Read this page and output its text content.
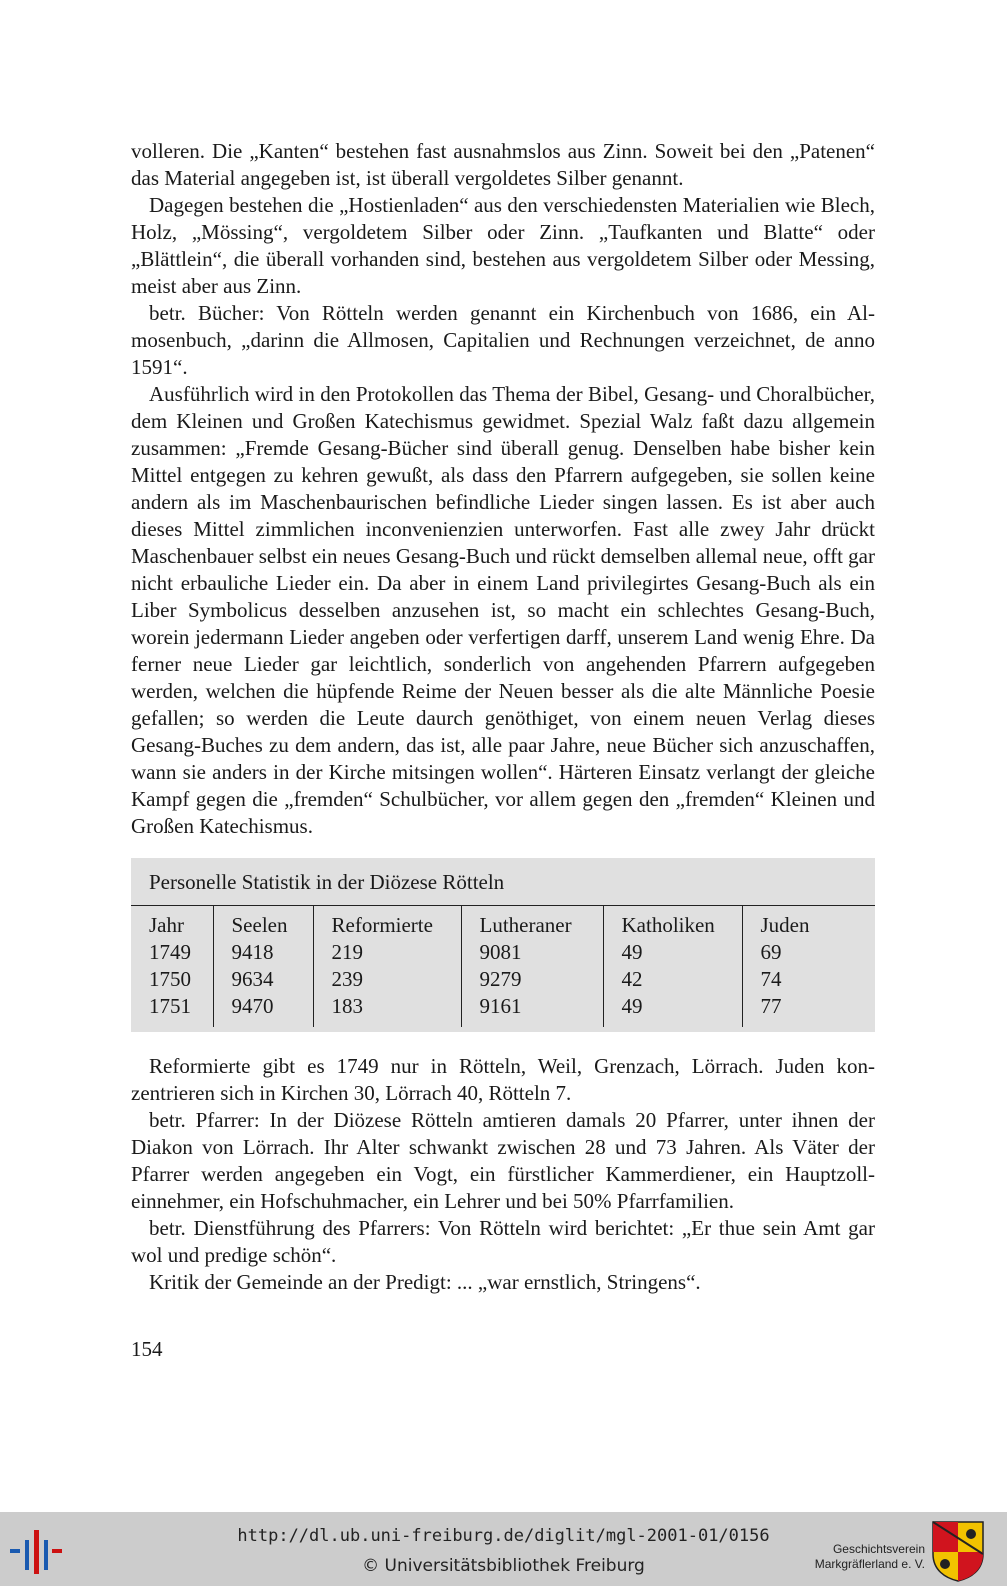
volleren. Die „Kanten“ bestehen fast ausnahmslos aus Zinn. Soweit bei den „Patenen“ das Material angegeben ist, ist überall vergoldetes Silber genannt.

Dagegen bestehen die „Hostienladen“ aus den verschiedensten Materialien wie Blech, Holz, „Mössing“, vergoldetem Silber oder Zinn. „Taufkanten und Blatte“ oder „Blättlein“, die überall vorhanden sind, bestehen aus vergoldetem Silber oder Messing, meist aber aus Zinn.

betr. Bücher: Von Rötteln werden genannt ein Kirchenbuch von 1686, ein Almosenbuch, „darinn die Allmosen, Capitalien und Rechnungen verzeichnet, de anno 1591“.

Ausführlich wird in den Protokollen das Thema der Bibel, Gesang- und Choralbücher, dem Kleinen und Großen Katechismus gewidmet. Spezial Walz faßt dazu allgemein zusammen: „Fremde Gesang-Bücher sind überall genug. Denselben habe bisher kein Mittel entgegen zu kehren gewußt, als dass den Pfarrern aufgegeben, sie sollen keine andern als im Maschenbaurischen befindliche Lieder singen lassen. Es ist aber auch dieses Mittel zimmlichen inconvenienzien unterworfen. Fast alle zwey Jahr drückt Maschenbauer selbst ein neues Gesang-Buch und rückt demselben allemal neue, offt gar nicht erbauliche Lieder ein. Da aber in einem Land privilegirtes Gesang-Buch als ein Liber Symbolicus desselben anzusehen ist, so macht ein schlechtes Gesang-Buch, worein jedermann Lieder angeben oder verfertigen darff, unserem Land wenig Ehre. Da ferner neue Lieder gar leichtlich, sonderlich von angehenden Pfarrern aufgegeben werden, welchen die hüpfende Reime der Neuen besser als die alte Männliche Poesie gefallen; so werden die Leute daurch genöthiget, von einem neuen Verlag dieses Gesang-Buches zu dem andern, das ist, alle paar Jahre, neue Bücher sich anzuschaffen, wann sie anders in der Kirche mitsingen wollen“. Härteren Einsatz verlangt der gleiche Kampf gegen die „fremden“ Schulbücher, vor allem gegen den „fremden“ Kleinen und Großen Katechismus.

Personelle Statistik in der Diözese Rötteln
Jahr	Seelen	Reformierte	Lutheraner	Katholiken	Juden
1749	9418	219	9081	49	69
1750	9634	239	9279	42	74
1751	9470	183	9161	49	77

Reformierte gibt es 1749 nur in Rötteln, Weil, Grenzach, Lörrach. Juden konzentrieren sich in Kirchen 30, Lörrach 40, Rötteln 7.

betr. Pfarrer: In der Diözese Rötteln amtieren damals 20 Pfarrer, unter ihnen der Diakon von Lörrach. Ihr Alter schwankt zwischen 28 und 73 Jahren. Als Väter der Pfarrer werden angegeben ein Vogt, ein fürstlicher Kammerdiener, ein Hauptzolleinnehmer, ein Hofschuhmacher, ein Lehrer und bei 50% Pfarrfamilien.

betr. Dienstführung des Pfarrers: Von Rötteln wird berichtet: „Er thue sein Amt gar wol und predige schön“.

Kritik der Gemeinde an der Predigt: ... „war ernstlich, Stringens“.

154
http://dl.ub.uni-freiburg.de/diglit/mgl-2001-01/0156
© Universitätsbibliothek Freiburg
Geschichtsverein
Markgräflerland e. V.
